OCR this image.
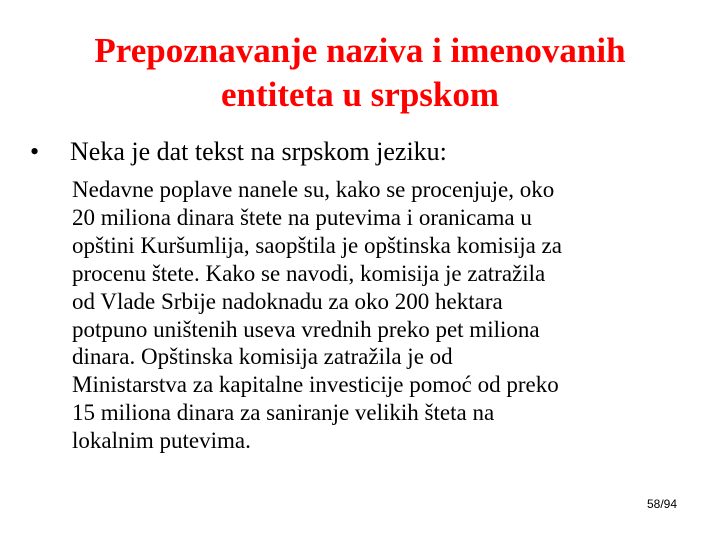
Prepoznavanje naziva i imenovanih
entiteta u srpskom
• Neka je dat tekst na srpskom jeziku:
Nedavne poplave nanele su, kako se procenjuje, oko
20 miliona dinara štete na putevima i oranicama u
opštini Kuršumlija, saopštila je opštinska komisija za
procenu štete. Kako se navodi, komisija je zatražila
od Vlade Srbije nadoknadu za oko 200 hektara
potpuno uništenih useva vrednih preko pet miliona
dinara. Opštinska komisija zatražila je od
Ministarstva za kapitalne investicije pomoć od preko
15 miliona dinara za saniranje velikih šteta na
lokalnim putevima.
58/94
